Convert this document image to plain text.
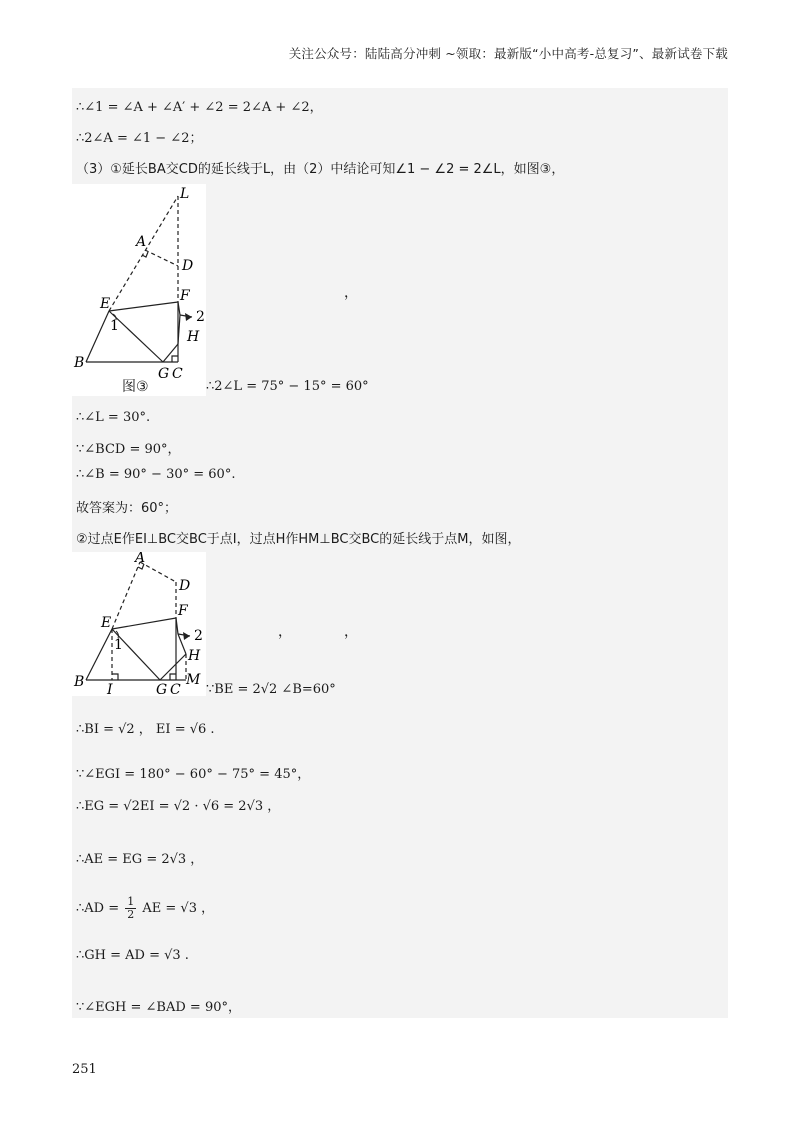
关注公众号：陆陆高分冲刺 ~领取：最新版“小中高考-总复习”、最新试卷下载
∴∠1 = ∠A + ∠A′ + ∠2 = 2∠A + ∠2，
∴2∠A = ∠1 − ∠2；
（3）①延长BA交CD的延长线于L，由（2）中结论可知∠1 − ∠2 = 2∠L，如图③，
L
A
D
E	F
1
2
H
B
G C
图③
，
∴2∠L = 75° − 15° = 60°
∴∠L = 30°.
∵∠BCD = 90°，
∴∠B = 90° − 30° = 60°.
故答案为：60°；
②过点E作EI⊥BC交BC于点I，过点H作HM⊥BC交BC的延长线于点M，如图，
A
D
E
F
1
2
H
B I	G C
M
，	，
∵BE = 2√2 ∠B=60°
∴BI = √2 ， EI = √6 .
∵∠EGI = 180° − 60° − 75° = 45°，
∴EG = √2EI = √2 · √6 = 2√3 ，
∴AE = EG = 2√3 ，
∴AD = $\frac{1}{2}$ AE = √3 ，
∴GH = AD = √3 .
∵∠EGH = ∠BAD = 90°，
251
